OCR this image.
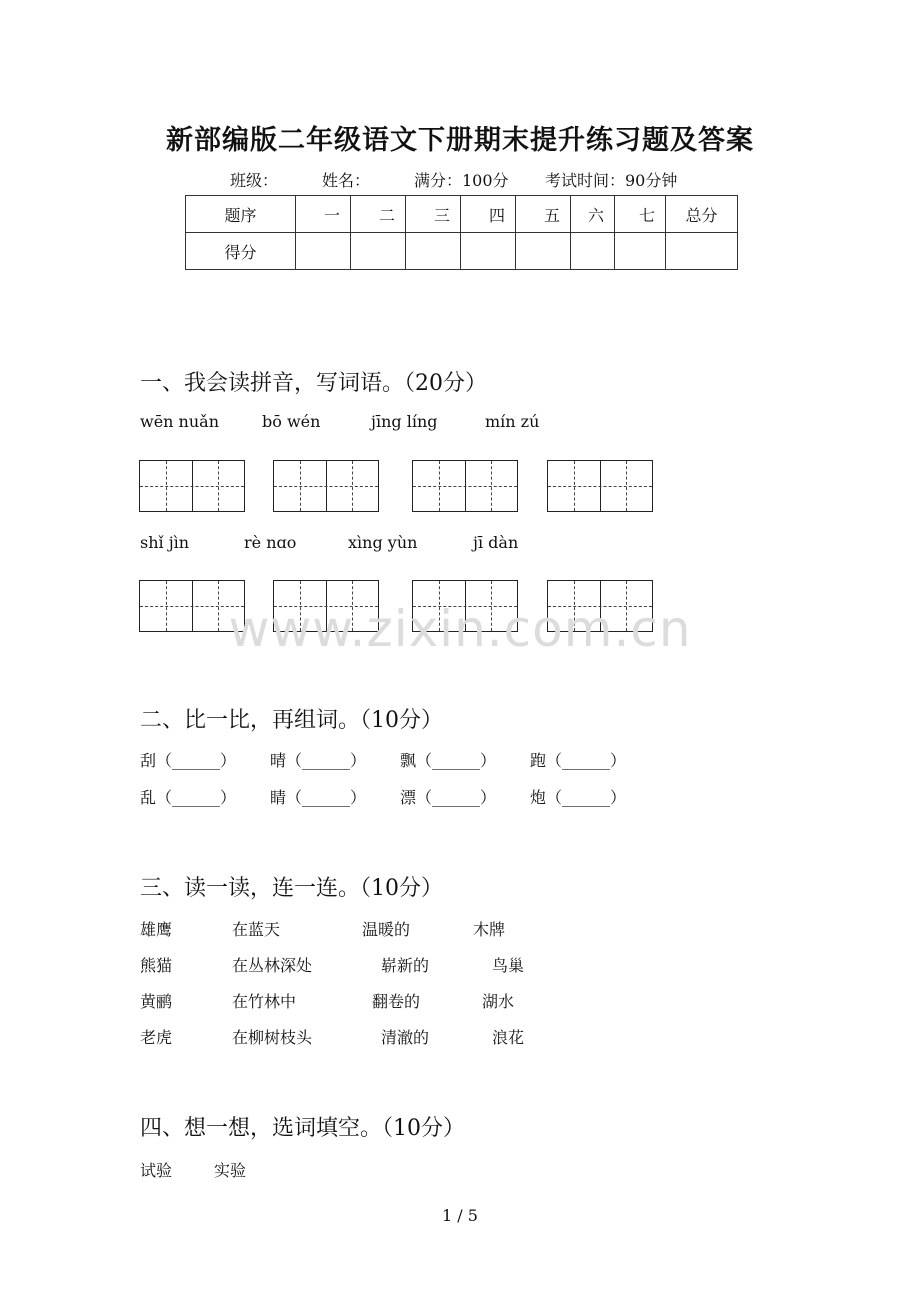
新部编版二年级语文下册期末提升练习题及答案
班级：	姓名：	满分：100分 考试时间：90分钟
题序	一	二	三	四	五	六	七	总分
得分								
一、我会读拼音，写词语。（20分）
wēn nuǎn	bō wén	jīng líng	mín zú
shǐ jìn	rè nɑo	xìng yùn	jī dàn
www.zixin.com.cn
二、比一比，再组词。（10分）
刮（______） 晴（______） 飘（______） 跑（______）
乱（______） 睛（______） 漂（______） 炮（______）
三、读一读，连一连。（10分）
雄鹰	在蓝天	温暖的	木牌
熊猫	在丛林深处	崭新的	鸟巢
黄鹂	在竹林中	翻卷的	湖水
老虎	在柳树枝头	清澈的	浪花
四、想一想，选词填空。（10分）
试验	实验
1 / 5
